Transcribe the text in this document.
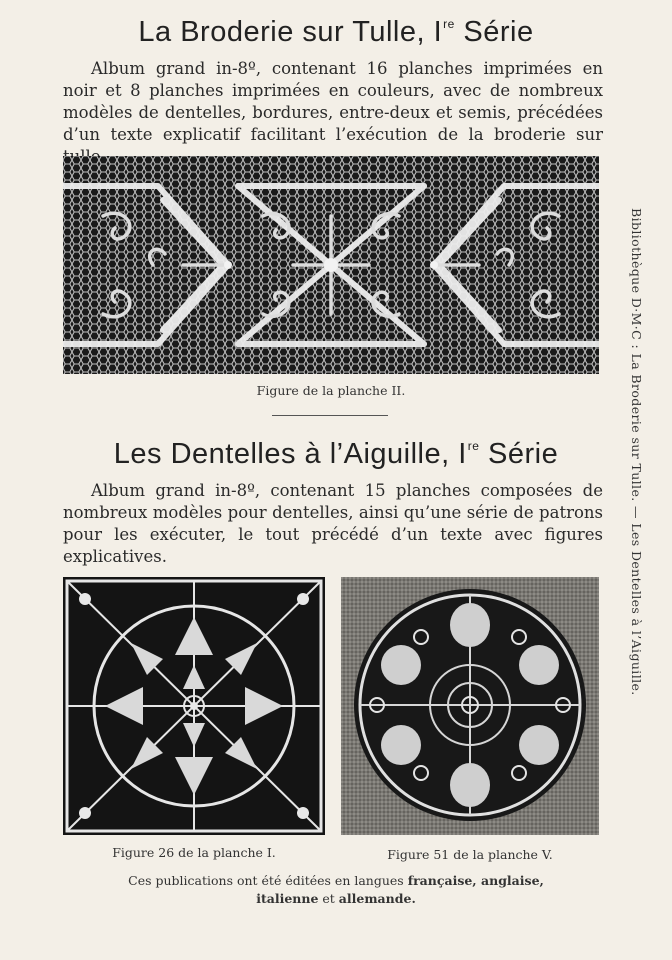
La Broderie sur Tulle, Ire Série
Album grand in-8º, contenant 16 planches imprimées en noir et 8 planches imprimées en couleurs, avec de nombreux modèles de dentelles, bordures, entre-deux et semis, précédées d’un texte explicatif facilitant l’exécution de la broderie sur
Figure de la planche II.
Les Dentelles à l’Aiguille, Ire Série
Album grand in-8º, contenant 15 planches composées de nombreux modèles pour dentelles, ainsi qu’une série de patrons pour les exécuter, le tout précédé d’un texte avec figures explicatives.
Figure 26 de la planche I.	Figure 51 de la planche V.
Ces publications ont été éditées en langues française, anglaise,
italienne et allemande.
Bibliothèque D·M·C : La Broderie sur Tulle. — Les Dentelles à l’Aiguille.
